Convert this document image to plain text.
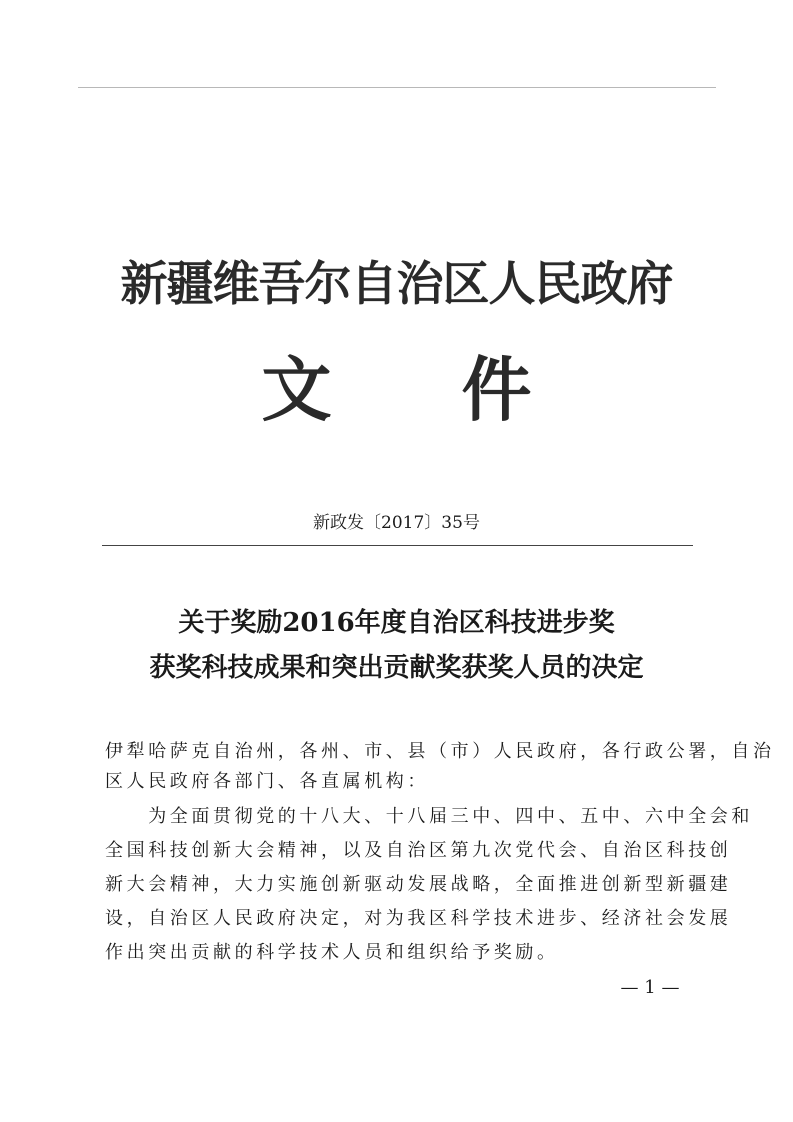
新疆维吾尔自治区人民政府
文件
新政发〔2017〕35号
关于奖励2016年度自治区科技进步奖
获奖科技成果和突出贡献奖获奖人员的决定
伊犁哈萨克自治州，各州、市、县（市）人民政府，各行政公署，自治
区人民政府各部门、各直属机构：
　　为全面贯彻党的十八大、十八届三中、四中、五中、六中全会和
全国科技创新大会精神，以及自治区第九次党代会、自治区科技创
新大会精神，大力实施创新驱动发展战略，全面推进创新型新疆建
设，自治区人民政府决定，对为我区科学技术进步、经济社会发展
作出突出贡献的科学技术人员和组织给予奖励。
— 1 —
